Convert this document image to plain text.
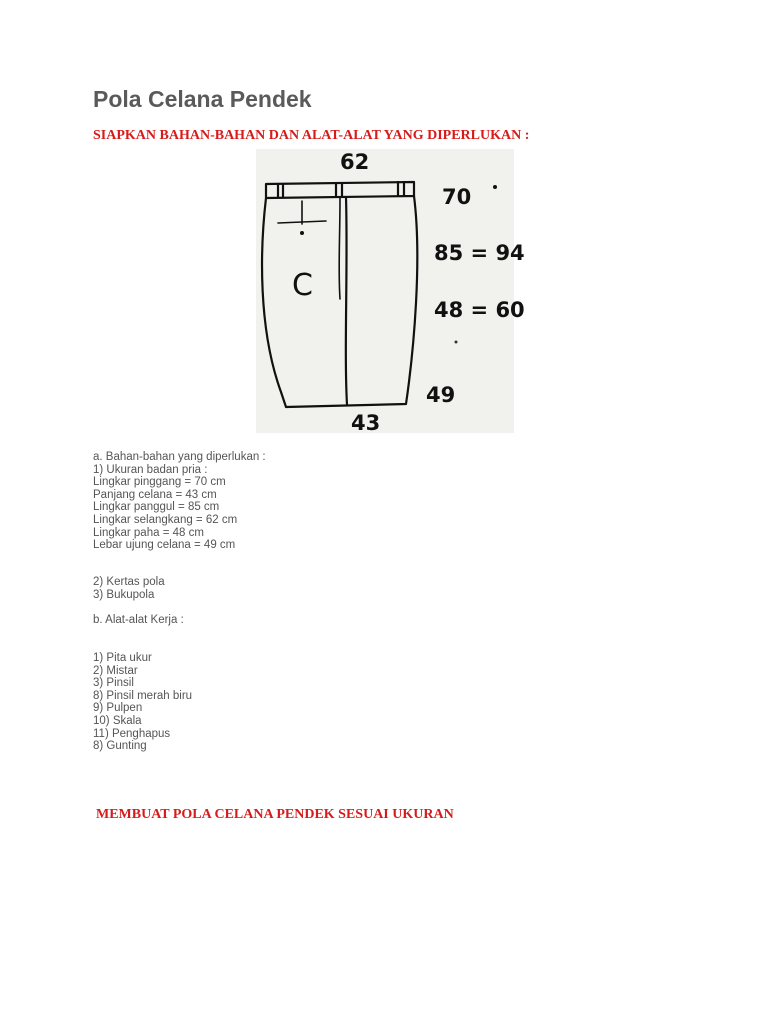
Pola Celana Pendek

SIAPKAN BAHAN-BAHAN DAN ALAT-ALAT YANG DIPERLUKAN :

C
62
70
85 = 94
48 = 60
49
43
a. Bahan-bahan yang diperlukan :
1) Ukuran badan pria :
Lingkar pinggang = 70 cm
Panjang celana = 43 cm
Lingkar panggul = 85 cm
Lingkar selangkang = 62 cm
Lingkar paha = 48 cm
Lebar ujung celana = 49 cm
2) Kertas pola
3) Bukupola
b. Alat-alat Kerja :
1) Pita ukur
2) Mistar
3) Pinsil
8) Pinsil merah biru
9) Pulpen
10) Skala
11) Penghapus
8) Gunting

MEMBUAT POLA CELANA PENDEK SESUAI UKURAN
